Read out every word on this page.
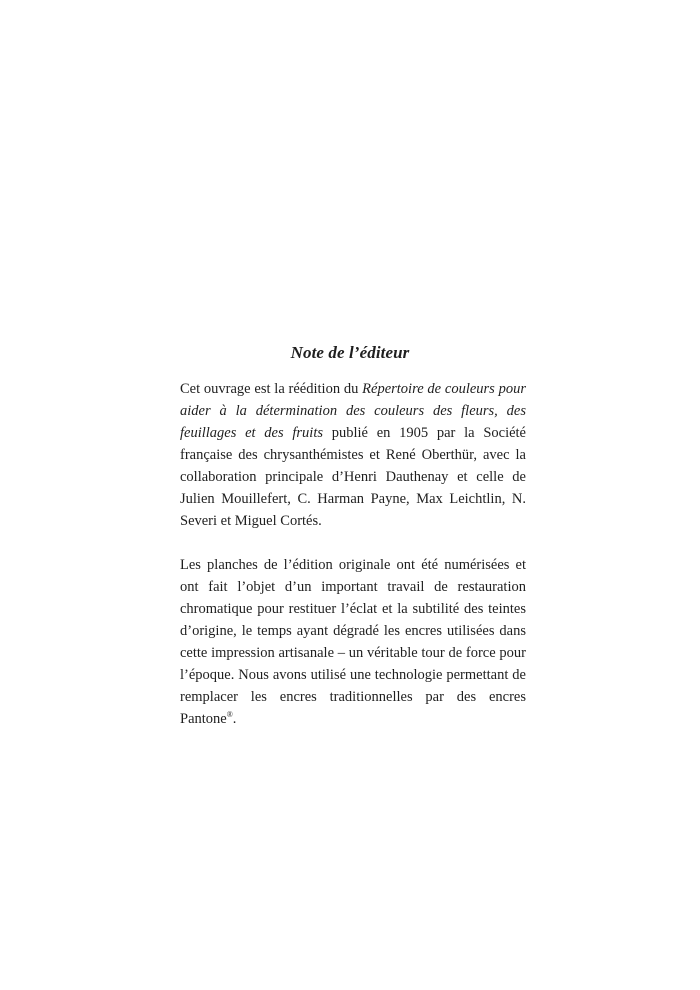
Note de l’éditeur

Cet ouvrage est la réédition du Répertoire de couleurs pour aider à la détermination des couleurs des fleurs, des feuillages et des fruits publié en 1905 par la Société française des chrysanthémistes et René Oberthür, avec la collaboration principale d’Henri Dauthenay et celle de Julien Mouillefert, C. Harman Payne, Max Leichtlin, N. Severi et Miguel Cortés.

Les planches de l’édition originale ont été numérisées et ont fait l’objet d’un important travail de restauration chromatique pour restituer l’éclat et la subtilité des teintes d’origine, le temps ayant dégradé les encres utilisées dans cette impression artisanale – un véritable tour de force pour l’époque. Nous avons utilisé une technologie permettant de remplacer les encres traditionnelles par des encres Pantone®.
